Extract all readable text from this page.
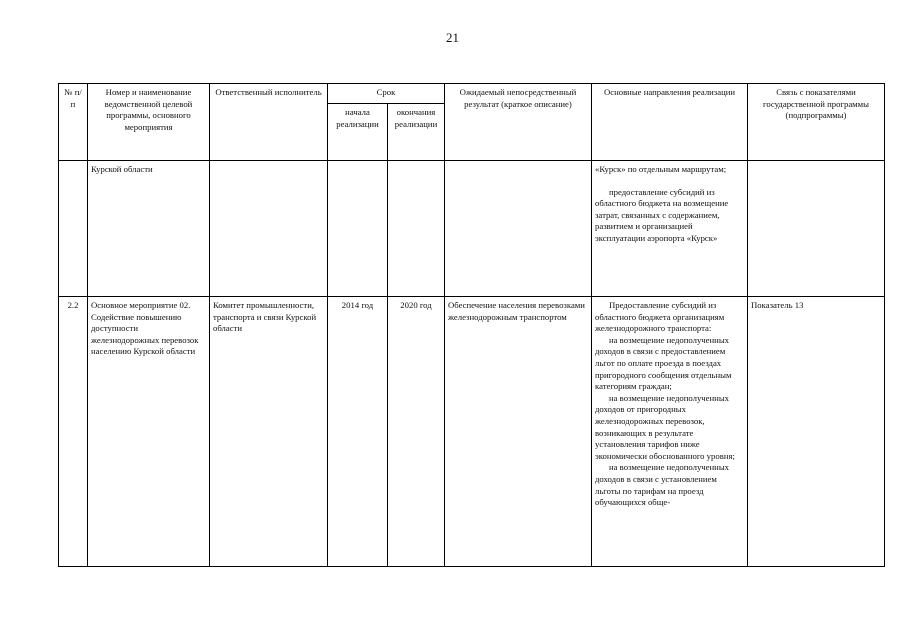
21
№ п/п	Номер и наименование ведомственной целевой программы, основного мероприятия	Ответственный исполнитель	Срок		Ожидаемый непосредственный результат (краткое описание)	Основные направления реализации	Связь с показателями государственной программы (подпрограммы)
			начала реализации	окончания реализации			
	Курской области					«Курск» по отдельным маршрутам;

предоставление субсидий из областного бюджета на возмещение затрат, связанных с содержанием, развитием и организацией эксплуатации аэропорта «Курск»	

2.2	Основное мероприятие 02. Содействие повышению доступности железнодорожных перевозок населению Курской области	Комитет промышленности, транспорта и связи Курской области	2014 год	2020 год	Обеспечение населения перевозками железнодорожным транспортом	Предоставление субсидий из областного бюджета организациям железнодорожного транспорта:

на возмещение недополученных доходов в связи с предоставлением льгот по оплате проезда в поездах пригородного сообщения отдельным категориям граждан;

на возмещение недополученных доходов от пригородных железнодорожных перевозок, возникающих в результате установления тарифов ниже экономически обоснованного уровня;

на возмещение недополученных доходов в связи с установлением льготы по тарифам на проезд обучающихся обще-	Показатель 13
